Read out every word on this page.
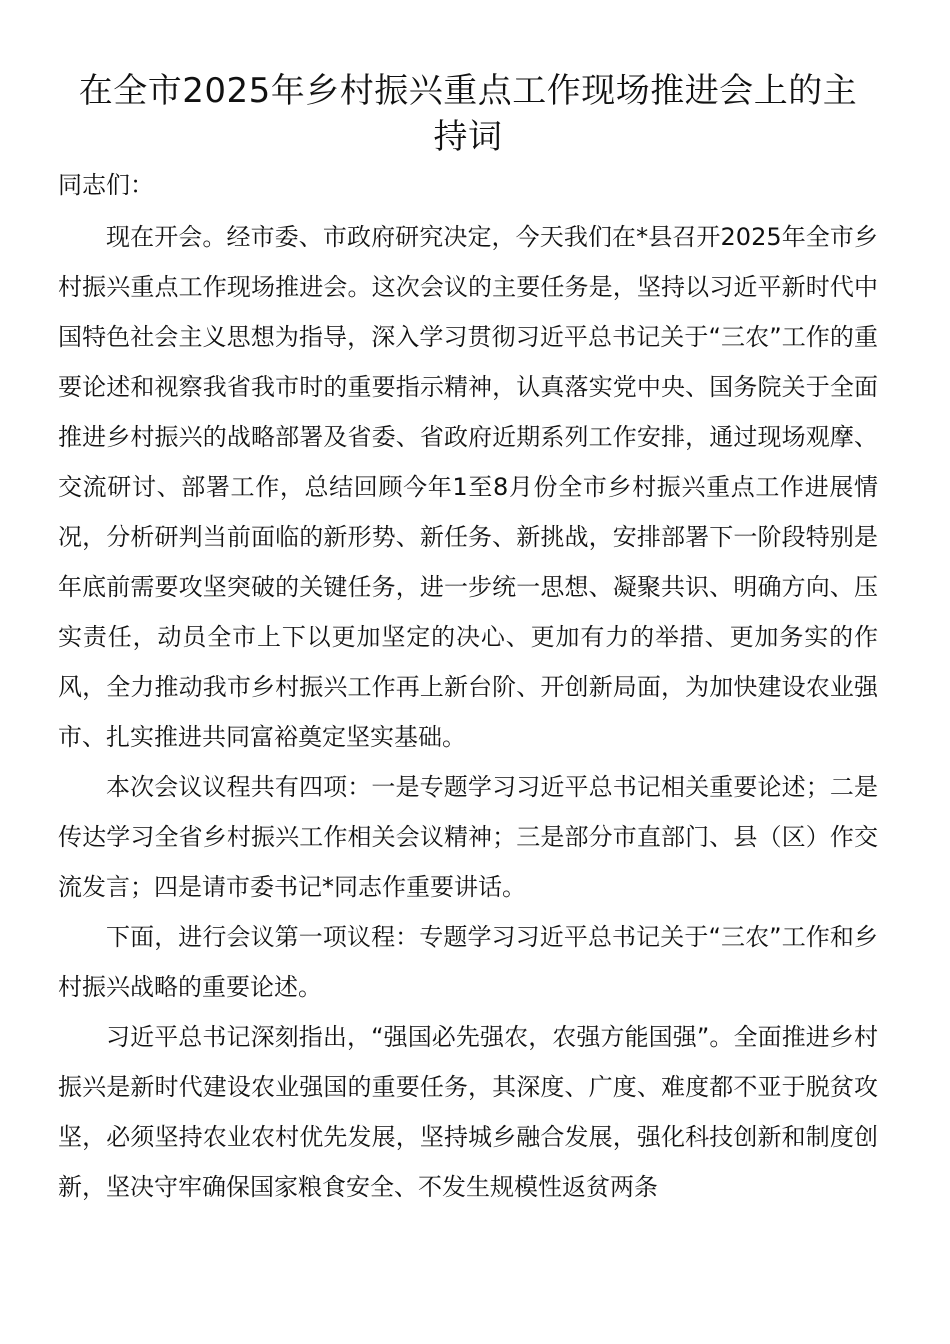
在全市2025年乡村振兴重点工作现场推进会上的主持词

同志们：

现在开会。经市委、市政府研究决定，今天我们在*县召开2025年全市乡村振兴重点工作现场推进会。这次会议的主要任务是，坚持以习近平新时代中国特色社会主义思想为指导，深入学习贯彻习近平总书记关于“三农”工作的重要论述和视察我省我市时的重要指示精神，认真落实党中央、国务院关于全面推进乡村振兴的战略部署及省委、省政府近期系列工作安排，通过现场观摩、交流研讨、部署工作，总结回顾今年1至8月份全市乡村振兴重点工作进展情况，分析研判当前面临的新形势、新任务、新挑战，安排部署下一阶段特别是年底前需要攻坚突破的关键任务，进一步统一思想、凝聚共识、明确方向、压实责任，动员全市上下以更加坚定的决心、更加有力的举措、更加务实的作风，全力推动我市乡村振兴工作再上新台阶、开创新局面，为加快建设农业强市、扎实推进共同富裕奠定坚实基础。

本次会议议程共有四项：一是专题学习习近平总书记相关重要论述；二是传达学习全省乡村振兴工作相关会议精神；三是部分市直部门、县（区）作交流发言；四是请市委书记*同志作重要讲话。

下面，进行会议第一项议程：专题学习习近平总书记关于“三农”工作和乡村振兴战略的重要论述。

习近平总书记深刻指出，“强国必先强农，农强方能国强”。全面推进乡村振兴是新时代建设农业强国的重要任务，其深度、广度、难度都不亚于脱贫攻坚，必须坚持农业农村优先发展，坚持城乡融合发展，强化科技创新和制度创新，坚决守牢确保国家粮食安全、不发生规模性返贫两条
